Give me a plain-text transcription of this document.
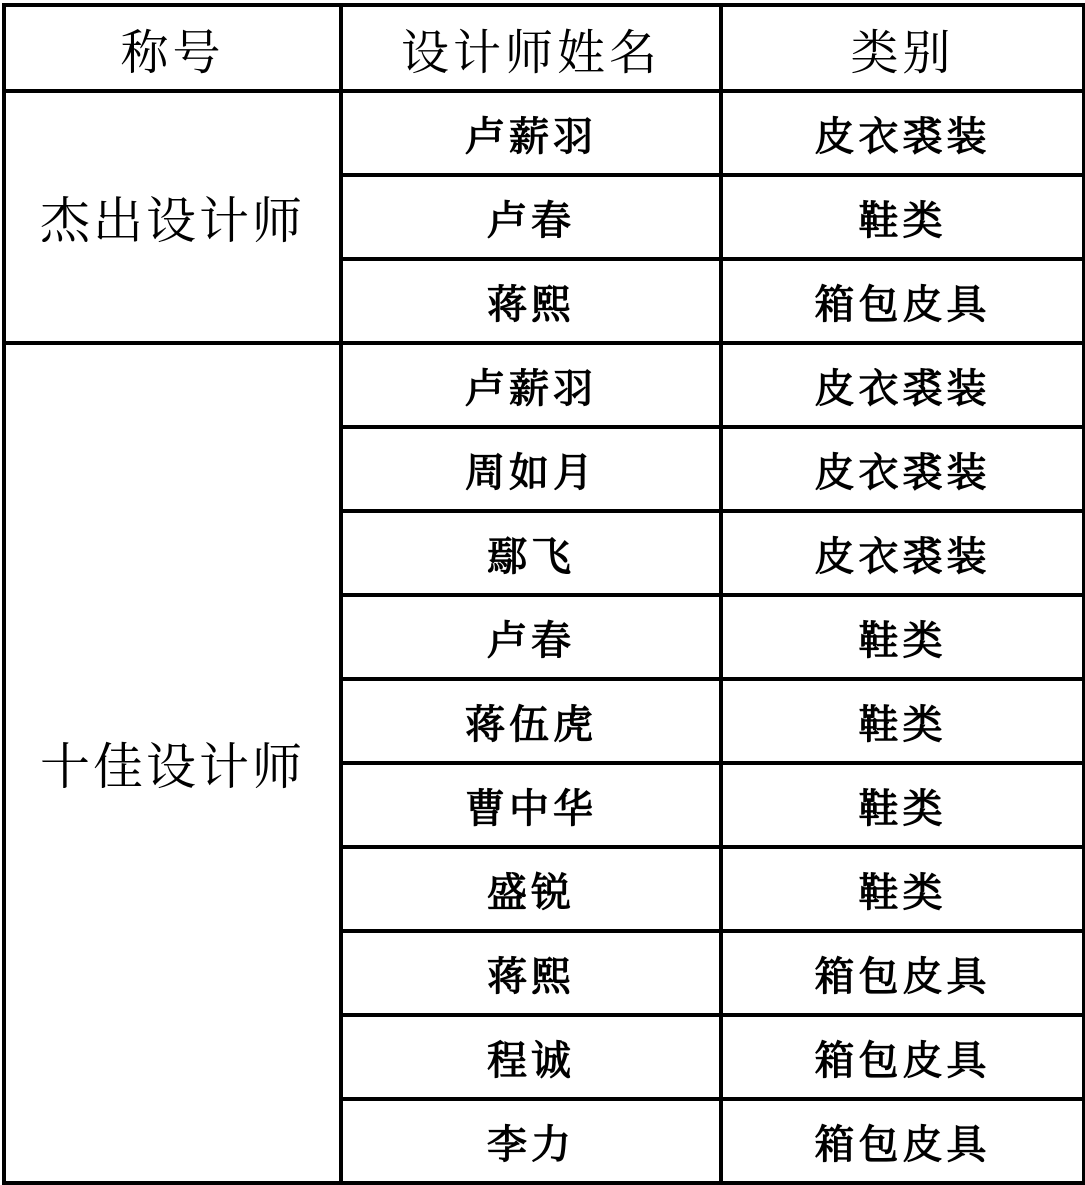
称号	设计师姓名	类别
杰出设计师	卢薪羽	皮衣裘装
	卢春	鞋类
	蒋熙	箱包皮具
十佳设计师	卢薪羽	皮衣裘装
	周如月	皮衣裘装
	鄢飞	皮衣裘装
	卢春	鞋类
	蒋伍虎	鞋类
	曹中华	鞋类
	盛锐	鞋类
	蒋熙	箱包皮具
	程诚	箱包皮具
	李力	箱包皮具
